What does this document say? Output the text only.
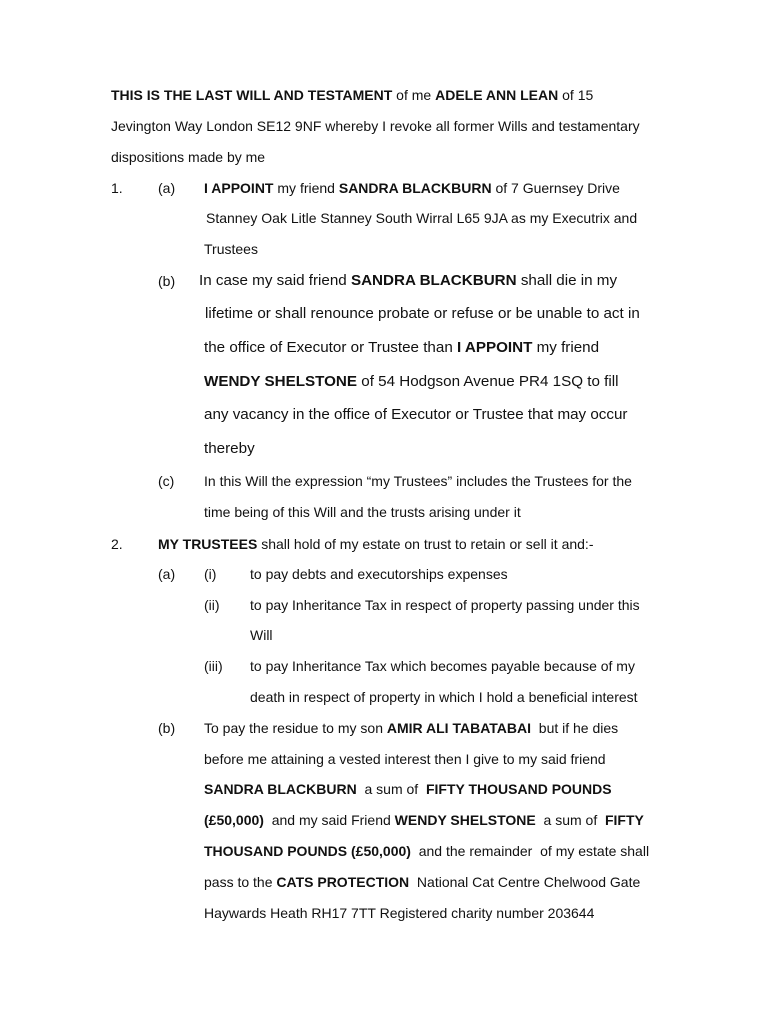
THIS IS THE LAST WILL AND TESTAMENT of me ADELE ANN LEAN of 15
Jevington Way London SE12 9NF whereby I revoke all former Wills and testamentary
dispositions made by me
1.	(a) I APPOINT my friend SANDRA BLACKBURN of 7 Guernsey Drive
Stanney Oak Litle Stanney South Wirral L65 9JA as my Executrix and
Trustees
(b) In case my said friend SANDRA BLACKBURN shall die in my
lifetime or shall renounce probate or refuse or be unable to act in
the office of Executor or Trustee than I APPOINT my friend
WENDY SHELSTONE of 54 Hodgson Avenue PR4 1SQ to fill
any vacancy in the office of Executor or Trustee that may occur
thereby
(c) In this Will the expression “my Trustees” includes the Trustees for the
time being of this Will and the trusts arising under it
2.	MY TRUSTEES shall hold of my estate on trust to retain or sell it and:-
(a) (i) to pay debts and executorships expenses
(ii) to pay Inheritance Tax in respect of property passing under this
Will
(iii) to pay Inheritance Tax which becomes payable because of my
death in respect of property in which I hold a beneficial interest
(b) To pay the residue to my son AMIR ALI TABATABAI  but if he dies
before me attaining a vested interest then I give to my said friend
SANDRA BLACKBURN  a sum of  FIFTY THOUSAND POUNDS
(£50,000)  and my said Friend WENDY SHELSTONE  a sum of  FIFTY
THOUSAND POUNDS (£50,000)  and the remainder  of my estate shall
pass to the CATS PROTECTION  National Cat Centre Chelwood Gate
Haywards Heath RH17 7TT Registered charity number 203644
